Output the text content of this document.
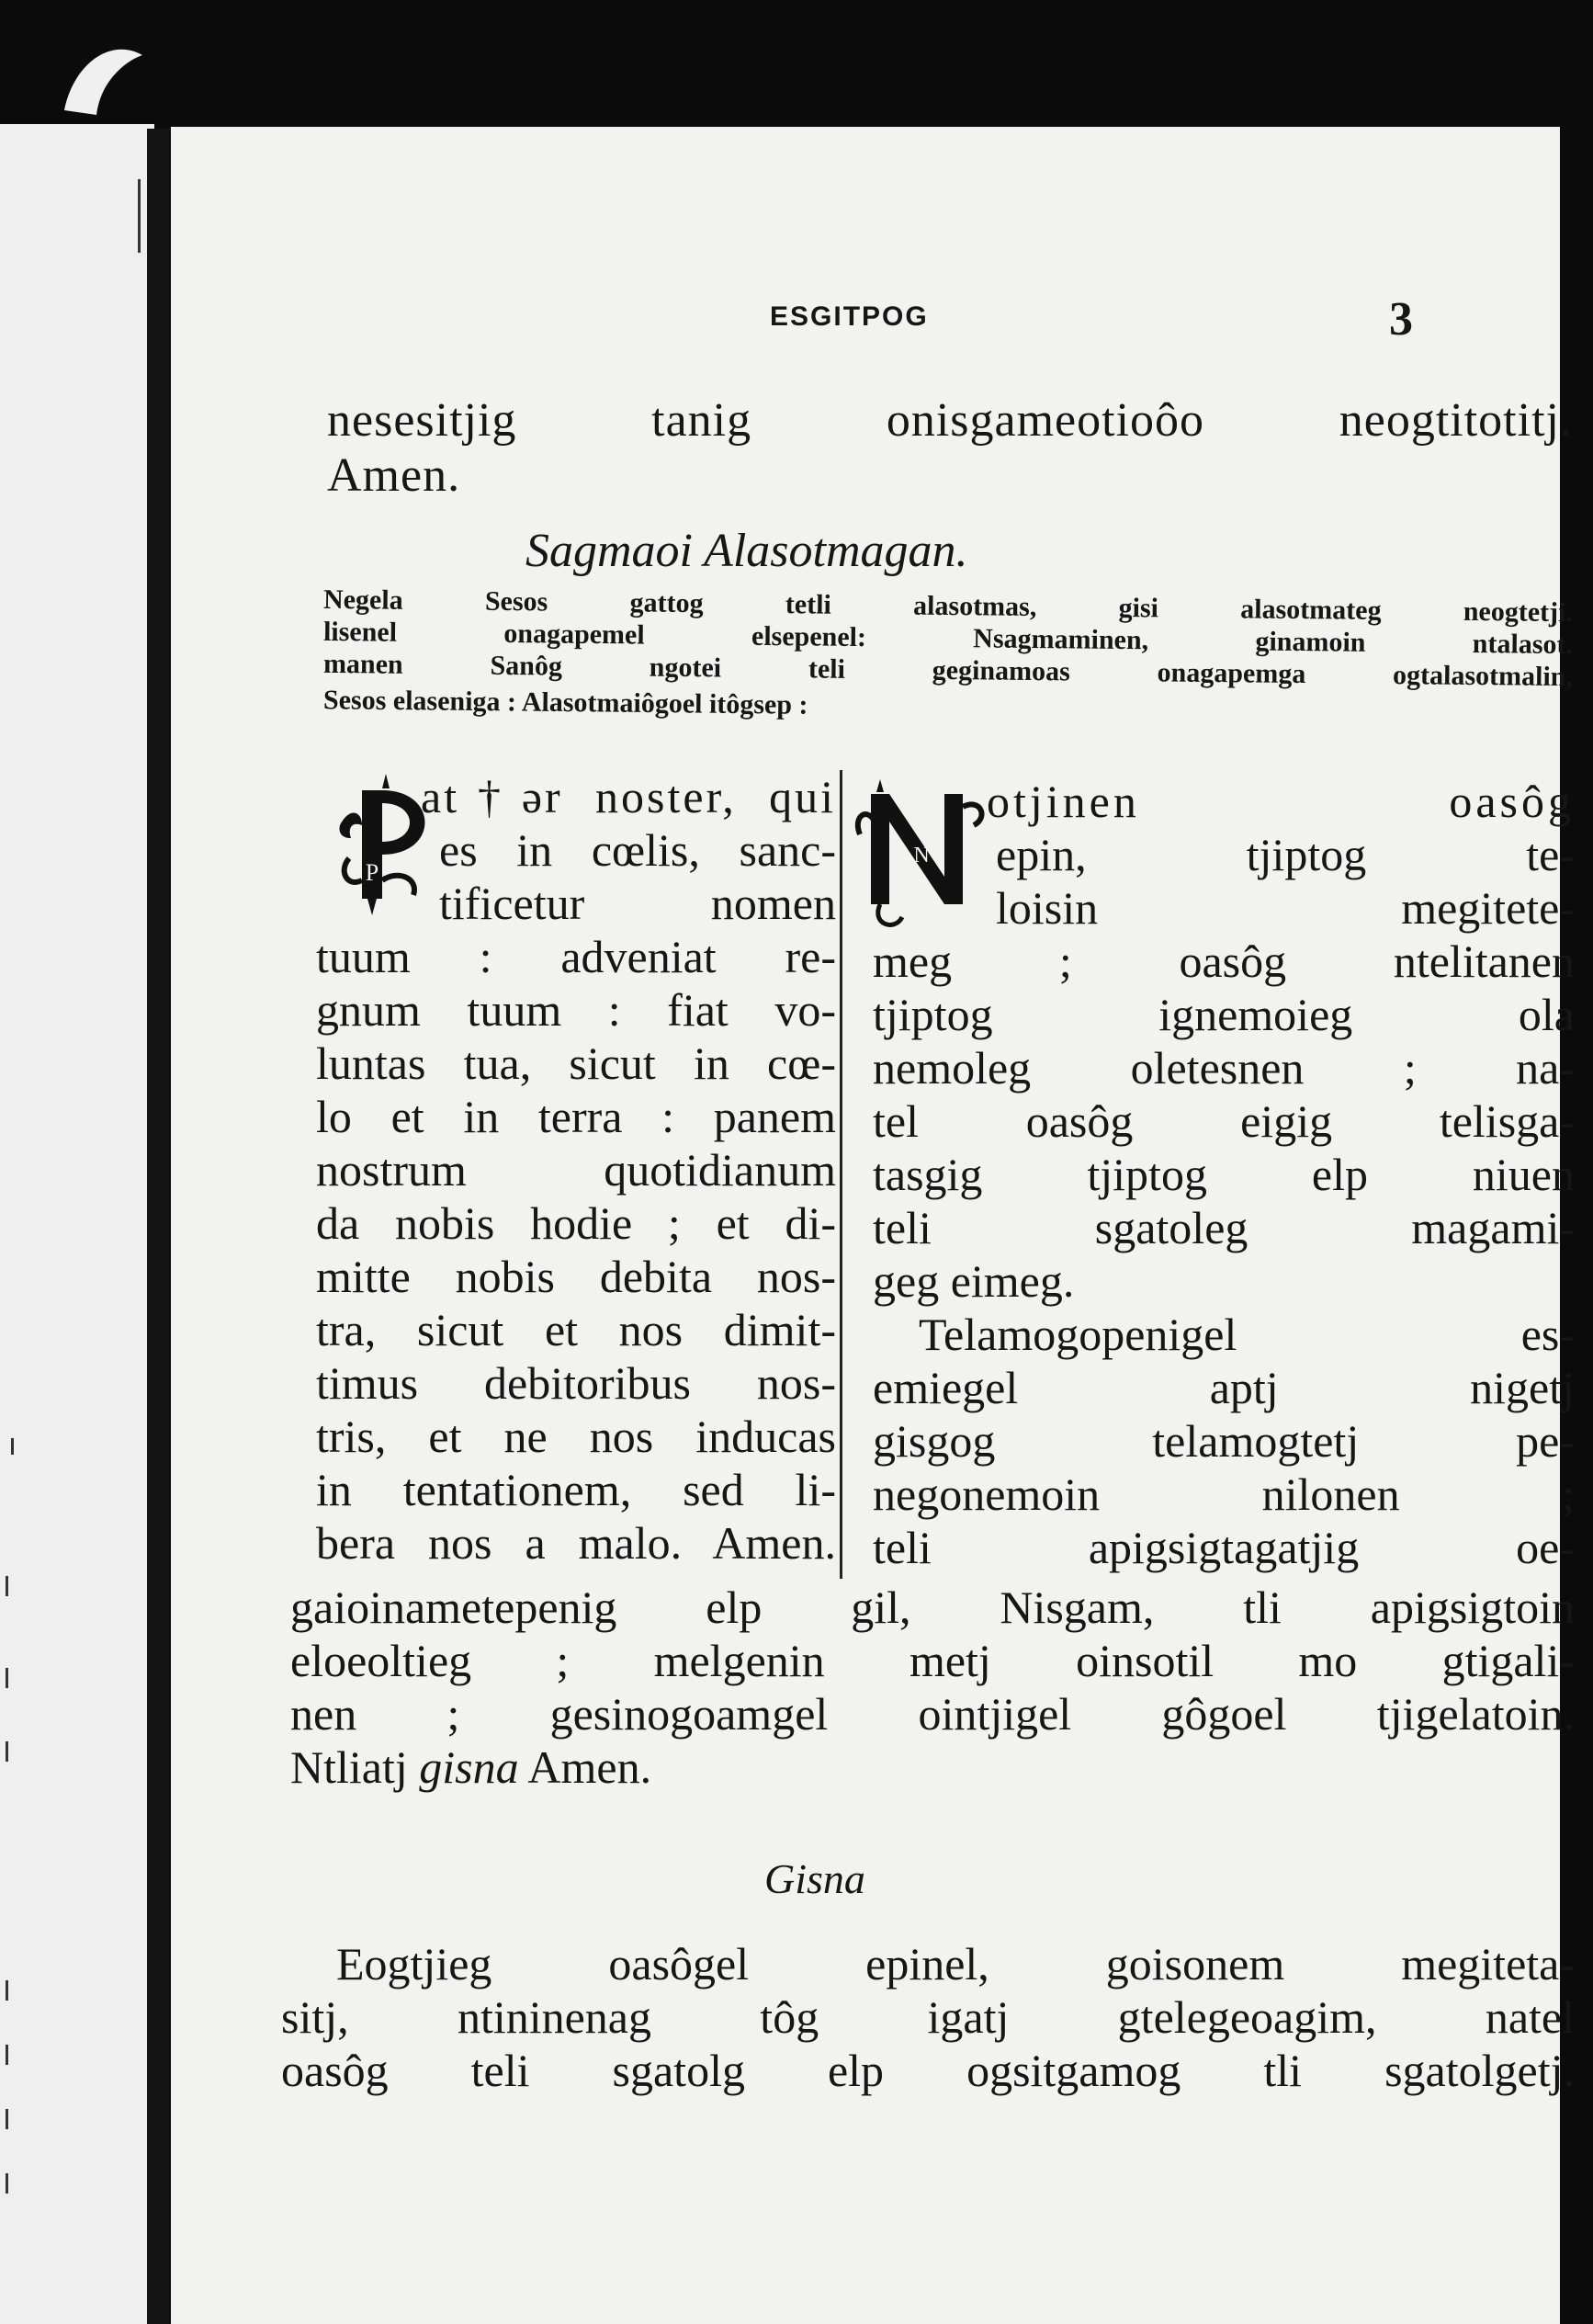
ESGITPOG	3
nesesitjig	tanig	onisgameotioôo	neogtitotitj.
Amen.
Sagmaoi Alasotmagan.
Negela Sesos gattog tetli alasotmas, gisi alasotmateg neogtetji.
lisenel onagapemel elsepenel: Nsagmaminen, ginamoin ntalasot.
manen Sanôg ngotei teli geginamoas onagapemga ogtalasotmalin,
Sesos elaseniga : Alasotmaiôgoel itôgsep :
P
at†ər noster, qui
es in cœlis, sanc-
tificetur nomen
tuum : adveniat re-
gnum tuum : fiat vo-
luntas tua, sicut in cœ-
lo et in terra : panem
nostrum quotidianum
da nobis hodie ; et di-
mitte nobis debita nos-
tra, sicut et nos dimit-
timus debitoribus nos-
tris, et ne nos inducas
in tentationem, sed li-
bera nos a malo. Amen.
N
otjinen oasôg
epin, tjiptog te-
loisin megitete-
meg ; oasôg ntelitanen
tjiptog ignemoieg ola
nemoleg oletesnen ; na-
tel oasôg eigig telisga-
tasgig tjiptog elp niuen
teli sgatoleg magami-
geg eimeg.
Telamogopenigel es-
emiegel aptj nigetj
gisgog telamogtetj pe-
negonemoin nilonen ;
teli apigsigtagatjig oe-
gaioinametepenig elp gil, Nisgam, tli apigsigtoin
eloeoltieg ; melgenin metj oinsotil mo gtigali-
nen ; gesinogoamgel ointjigel gôgoel tjigelatoin.
Ntliatj gisna Amen.
Gisna
Eogtjieg oasôgel epinel, goisonem megiteta-
sitj, ntininenag tôg igatj gtelegeoagim, natel
oasôg teli sgatolg elp ogsitgamog tli sgatolgetj.
